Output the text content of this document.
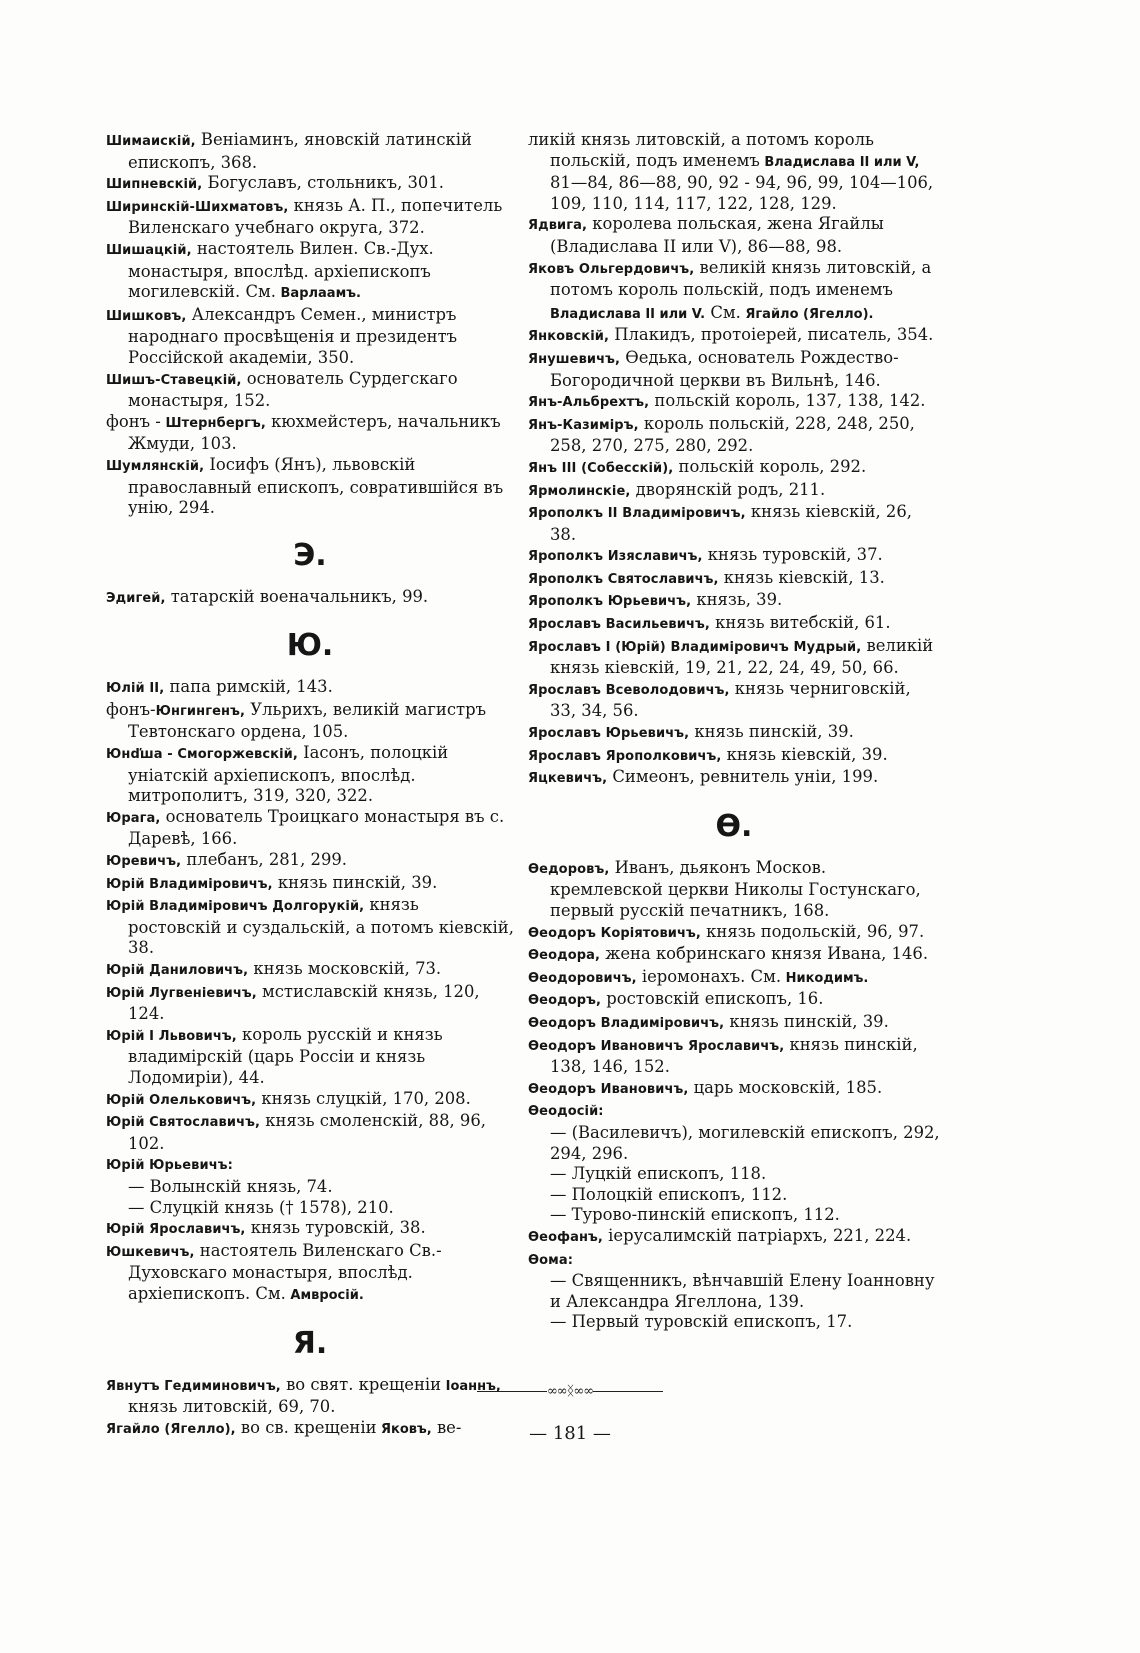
Шимаискій, Веніаминъ, яновскій латинскій епископъ, 368.

Шипневскій, Богуславъ, стольникъ, 301.

Ширинскій-Шихматовъ, князь А. П., попечитель Виленскаго учебнаго округа, 372.

Шишацкій, настоятель Вилен. Св.-Дух. монастыря, впослѣд. архіепископъ могилевскій. См. Варлаамъ.

Шишковъ, Александръ Семен., министръ народнаго просвѣщенія и президентъ Россійской академіи, 350.

Шишъ-Ставецкій, основатель Сурдегскаго монастыря, 152.

фонъ - Штернбергъ, кюхмейстеръ, начальникъ Жмуди, 103.

Шумлянскій, Іосифъ (Янъ), львовскій православный епископъ, совратившійся въ унію, 294.

Э.

Эдигей, татарскій военачальникъ, 99.

Ю.

Юлій II, папа римскій, 143.

фонъ-Юнгингенъ, Ульрихъ, великій магистръ Тевтонскаго ордена, 105.

Юнďша - Смогоржевскій, Іасонъ, полоцкій уніатскій архіепископъ, впослѣд. митрополитъ, 319, 320, 322.

Юрага, основатель Троицкаго монастыря въ с. Даревѣ, 166.

Юревичъ, плебанъ, 281, 299.

Юрій Владиміровичъ, князь пинскій, 39.

Юрій Владиміровичъ Долгорукій, князь ростовскій и суздальскій, а потомъ кіевскій, 38.

Юрій Даниловичъ, князь московскій, 73.

Юрій Лугвеніевичъ, мстиславскій князь, 120, 124.

Юрій I Львовичъ, король русскій и князь владимірскій (царь Россіи и князь Лодомиріи), 44.

Юрій Олельковичъ, князь слуцкій, 170, 208.

Юрій Святославичъ, князь смоленскій, 88, 96, 102.

Юрій Юрьевичъ:

— Волынскій князь, 74.

— Слуцкій князь († 1578), 210.

Юрій Ярославичъ, князь туровскій, 38.

Юшкевичъ, настоятель Виленскаго Св.-Духовскаго монастыря, впослѣд. архіепископъ. См. Амвросій.

Я.

Явнутъ Гедиминовичъ, во свят. крещеніи Іоаннъ, князь литовскій, 69, 70.

Ягайло (Ягелло), во св. крещеніи Яковъ, ве-

ликій князь литовскій, а потомъ король польскій, подъ именемъ Владислава II или V, 81—84, 86—88, 90, 92 - 94, 96, 99, 104—106, 109, 110, 114, 117, 122, 128, 129.

Ядвига, королева польская, жена Ягайлы (Владислава II или V), 86—88, 98.

Яковъ Ольгердовичъ, великій князь литовскій, а потомъ король польскій, подъ именемъ Владислава II или V. См. Ягайло (Ягелло).

Янковскій, Плакидъ, протоіерей, писатель, 354.

Янушевичъ, Өедька, основатель Рождество-Богородичной церкви въ Вильнѣ, 146.

Янъ-Альбрехтъ, польскій король, 137, 138, 142.

Янъ-Казимiръ, король польскій, 228, 248, 250, 258, 270, 275, 280, 292.

Янъ III (Собесскій), польскій король, 292.

Ярмолинскіе, дворянскій родъ, 211.

Ярополкъ II Владиміровичъ, князь кіевскій, 26, 38.

Ярополкъ Изяславичъ, князь туровскій, 37.

Ярополкъ Святославичъ, князь кіевскій, 13.

Ярополкъ Юрьевичъ, князь, 39.

Ярославъ Васильевичъ, князь витебскій, 61.

Ярославъ I (Юрій) Владиміровичъ Мудрый, великій князь кіевскій, 19, 21, 22, 24, 49, 50, 66.

Ярославъ Всеволодовичъ, князь черниговскій, 33, 34, 56.

Ярославъ Юрьевичъ, князь пинскій, 39.

Ярославъ Ярополковичъ, князь кіевскій, 39.

Яцкевичъ, Симеонъ, ревнитель уніи, 199.

Ѳ.

Ѳедоровъ, Иванъ, дьяконъ Москов. кремлевской церкви Николы Гостунскаго, первый русскій печатникъ, 168.

Ѳеодоръ Корiятовичъ, князь подольскій, 96, 97.

Ѳеодора, жена кобринскаго князя Ивана, 146.

Ѳеодоровичъ, іеромонахъ. См. Никодимъ.

Ѳеодоръ, ростовскій епископъ, 16.

Ѳеодоръ Владиміровичъ, князь пинскій, 39.

Ѳеодоръ Ивановичъ Ярославичъ, князь пинскій, 138, 146, 152.

Ѳеодоръ Ивановичъ, царь московскій, 185.

Ѳеодосій:

— (Василевичъ), могилевскій епископъ, 292, 294, 296.

— Луцкій епископъ, 118.

— Полоцкій епископъ, 112.

— Турово-пинскій епископъ, 112.

Ѳеофанъ, іерусалимскій патріархъ, 221, 224.

Ѳома:

— Священникъ, вѣнчавшій Елену Іоанновну и Александра Ягеллона, 139.

— Первый туровскій епископъ, 17.

∞∞ᛝ∞∞
— 181 —
